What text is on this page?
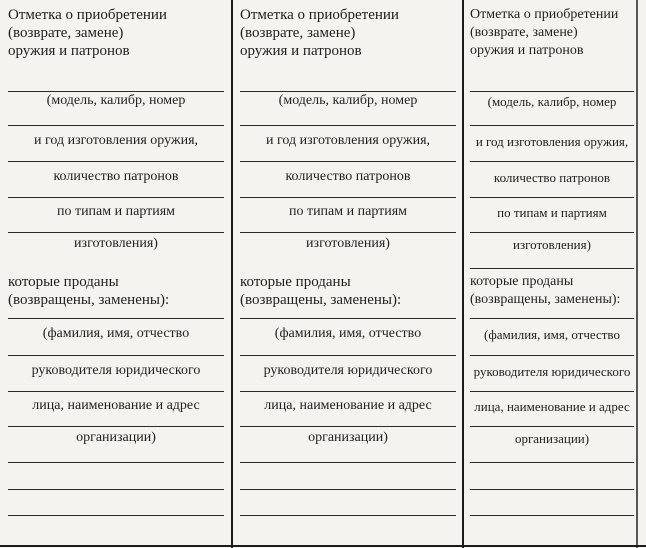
Отметка о приобретении
(возврате, замене)
оружия и патронов

(модель, калибр, номер
и год изготовления оружия,
количество патронов
по типам и партиям
изготовления)

которые проданы
(возвращены, заменены):

(фамилия, имя, отчество
руководителя юридического
лица, наименование и адрес
организации)

Отметка о приобретении
(возврате, замене)
оружия и патронов

(модель, калибр, номер
и год изготовления оружия,
количество патронов
по типам и партиям
изготовления)

которые проданы
(возвращены, заменены):

(фамилия, имя, отчество
руководителя юридического
лица, наименование и адрес
организации)

Отметка о приобретении
(возврате, замене)
оружия и патронов

(модель, калибр, номер
и год изготовления оружия,
количество патронов
по типам и партиям
изготовления)

которые проданы
(возвращены, заменены):

(фамилия, имя, отчество
руководителя юридического
лица, наименование и адрес
организации)
